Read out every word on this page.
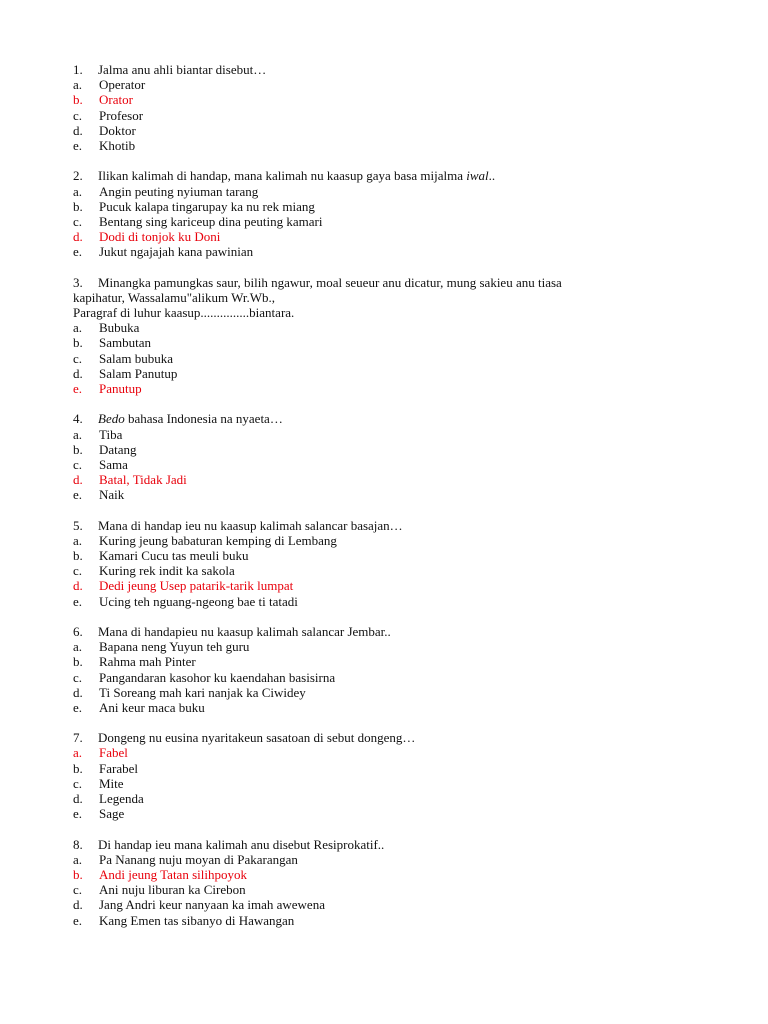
1. Jalma anu ahli biantar disebut…
a. Operator
b. Orator
c. Profesor
d. Doktor
e. Khotib
2. Ilikan kalimah di handap, mana kalimah nu kaasup gaya basa mijalma iwal..
a. Angin peuting nyiuman tarang
b. Pucuk kalapa tingarupay ka nu rek miang
c. Bentang sing kariceup dina peuting kamari
d. Dodi di tonjok ku Doni
e. Jukut ngajajah kana pawinian
3. Minangka pamungkas saur, bilih ngawur, moal seueur anu dicatur, mung sakieu anu tiasa
kapihatur, Wassalamu"alikum Wr.Wb.,
Paragraf di luhur kaasup...............biantara.
a. Bubuka
b. Sambutan
c. Salam bubuka
d. Salam Panutup
e. Panutup
4. Bedo bahasa Indonesia na nyaeta…
a. Tiba
b. Datang
c. Sama
d. Batal, Tidak Jadi
e. Naik
5. Mana di handap ieu nu kaasup kalimah salancar basajan…
a. Kuring jeung babaturan kemping di Lembang
b. Kamari Cucu tas meuli buku
c. Kuring rek indit ka sakola
d. Dedi jeung Usep patarik-tarik lumpat
e. Ucing teh nguang-ngeong bae ti tatadi
6. Mana di handapieu nu kaasup kalimah salancar Jembar..
a. Bapana neng Yuyun teh guru
b. Rahma mah Pinter
c. Pangandaran kasohor ku kaendahan basisirna
d. Ti Soreang mah kari nanjak ka Ciwidey
e. Ani keur maca buku
7. Dongeng nu eusina nyaritakeun sasatoan di sebut dongeng…
a. Fabel
b. Farabel
c. Mite
d. Legenda
e. Sage
8. Di handap ieu mana kalimah anu disebut Resiprokatif..
a. Pa Nanang nuju moyan di Pakarangan
b. Andi jeung Tatan silihpoyok
c. Ani nuju liburan ka Cirebon
d. Jang Andri keur nanyaan ka imah awewena
e. Kang Emen tas sibanyo di Hawangan
